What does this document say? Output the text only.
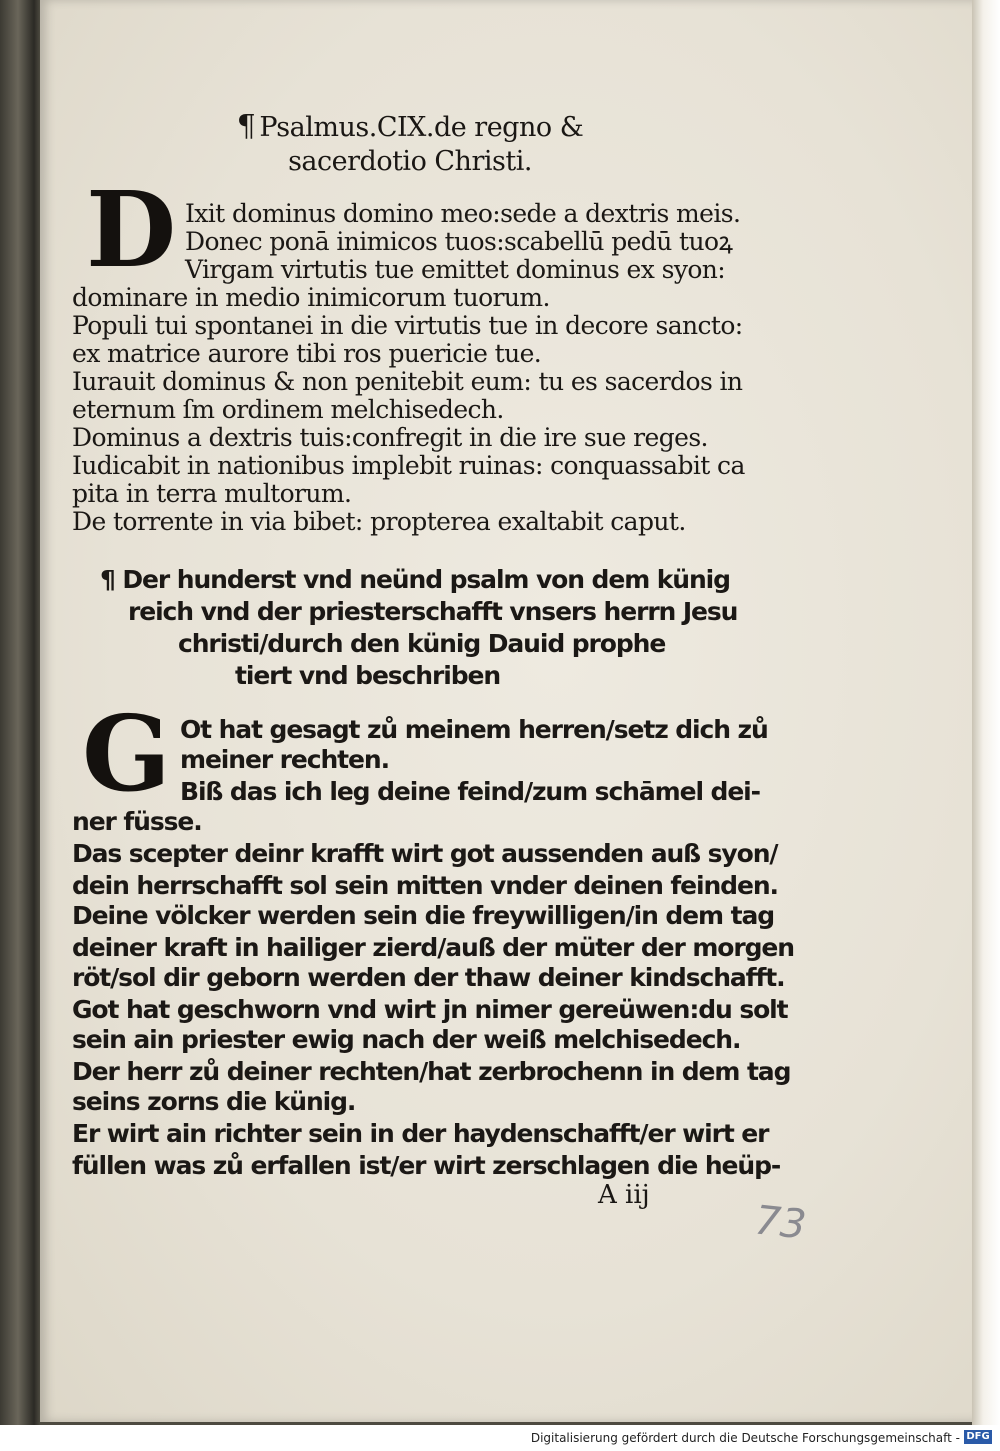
¶ Psalmus.CIX.de regno &
sacerdotio Christi.
D Ixit dominus domino meo:sede a dextris meis.
Donec ponā inimicos tuos:scabellū pedū tuoꝝ
Virgam virtutis tue emittet dominus ex syon:
dominare in medio inimicorum tuorum.
Populi tui spontanei in die virtutis tue in decore sancto:
ex matrice aurore tibi ros puericie tue.
Iurauit dominus & non penitebit eum: tu es sacerdos in
eternum ſm ordinem melchisedech.
Dominus a dextris tuis:confregit in die ire sue reges.
Iudicabit in nationibus implebit ruinas: conquassabit ca
pita in terra multorum.
De torrente in via bibet: propterea exaltabit caput.
¶ Der hunderst vnd neünd psalm von dem künig
reich vnd der priesterschafft vnsers herrn Jesu
christi/durch den künig Dauid prophe
tiert vnd beschriben
G Ot hat gesagt zů meinem herren/setz dich zů
meiner rechten.
Biß das ich leg deine feind/zum schāmel dei-
ner füsse.
Das scepter deinr krafft wirt got aussenden auß syon/
dein herrschafft sol sein mitten vnder deinen feinden.
Deine völcker werden sein die freywilligen/in dem tag
deiner kraft in hailiger zierd/auß der müter der morgen
röt/sol dir geborn werden der thaw deiner kindschafft.
Got hat geschworn vnd wirt jn nimer gereüwen:du solt
sein ain priester ewig nach der weiß melchisedech.
Der herr zů deiner rechten/hat zerbrochenn in dem tag
seins zorns die künig.
Er wirt ain richter sein in der haydenschafft/er wirt er
füllen was zů erfallen ist/er wirt zerschlagen die heüp-
A iij
73
Digitalisierung gefördert durch die Deutsche Forschungsgemeinschaft - DFG
